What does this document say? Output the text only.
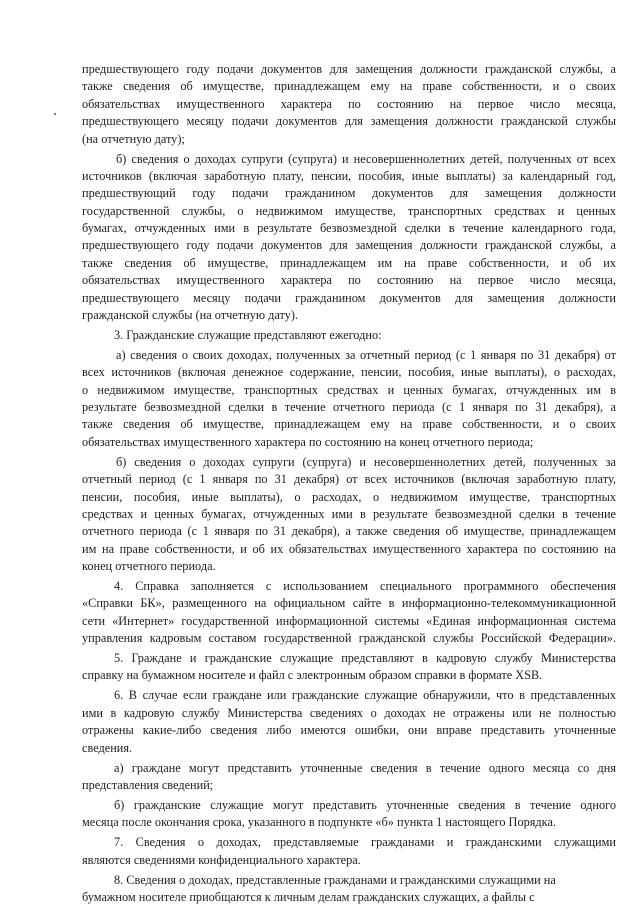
предшествующего году подачи документов для замещения должности гражданской службы, а
также сведения об имуществе, принадлежащем ему на праве собственности, и о своих
обязательствах имущественного характера по состоянию на первое число месяца,
предшествующего месяцу подачи документов для замещения должности гражданской службы
(на отчетную дату);
б) сведения о доходах супруги (супруга) и несовершеннолетних детей, полученных от всех
источников (включая заработную плату, пенсии, пособия, иные выплаты) за календарный год,
предшествующий году подачи гражданином документов для замещения должности
государственной службы, о недвижимом имуществе, транспортных средствах и ценных
бумагах, отчужденных ими в результате безвозмездной сделки в течение календарного года,
предшествующего году подачи документов для замещения должности гражданской службы, а
также сведения об имуществе, принадлежащем им на праве собственности, и об их
обязательствах имущественного характера по состоянию на первое число месяца,
предшествующего месяцу подачи гражданином документов для замещения должности
гражданской службы (на отчетную дату).
3. Гражданские служащие представляют ежегодно:
а) сведения о своих доходах, полученных за отчетный период (с 1 января по 31 декабря) от
всех источников (включая денежное содержание, пенсии, пособия, иные выплаты), о расходах,
о недвижимом имуществе, транспортных средствах и ценных бумагах, отчужденных им в
результате безвозмездной сделки в течение отчетного периода (с 1 января по 31 декабря), а
также сведения об имуществе, принадлежащем ему на праве собственности, и о своих
обязательствах имущественного характера по состоянию на конец отчетного периода;
б) сведения о доходах супруги (супруга) и несовершеннолетних детей, полученных за
отчетный период (с 1 января по 31 декабря) от всех источников (включая заработную плату,
пенсии, пособия, иные выплаты), о расходах, о недвижимом имуществе, транспортных
средствах и ценных бумагах, отчужденных ими в результате безвозмездной сделки в течение
отчетного периода (с 1 января по 31 декабря), а также сведения об имуществе, принадлежащем
им на праве собственности, и об их обязательствах имущественного характера по состоянию на
конец отчетного периода.
4. Справка заполняется с использованием специального программного обеспечения
«Справки БК», размещенного на официальном сайте в информационно-телекоммуникационной
сети «Интернет» государственной информационной системы «Единая информационная система
управления кадровым составом государственной гражданской службы Российской Федерации».
5. Граждане и гражданские служащие представляют в кадровую службу Министерства
справку на бумажном носителе и файл с электронным образом справки в формате XSB.
6. В случае если граждане или гражданские служащие обнаружили, что в представленных
ими в кадровую службу Министерства сведениях о доходах не отражены или не полностью
отражены какие-либо сведения либо имеются ошибки, они вправе представить уточненные
сведения.
а) граждане могут представить уточненные сведения в течение одного месяца со дня
представления сведений;
б) гражданские служащие могут представить уточненные сведения в течение одного
месяца после окончания срока, указанного в подпункте «б» пункта 1 настоящего Порядка.
7. Сведения о доходах, представляемые гражданами и гражданскими служащими
являются сведениями конфиденциального характера.
8. Сведения о доходах, представленные гражданами и гражданскими служащими на
бумажном носителе приобщаются к личным делам гражданских служащих, а файлы с
